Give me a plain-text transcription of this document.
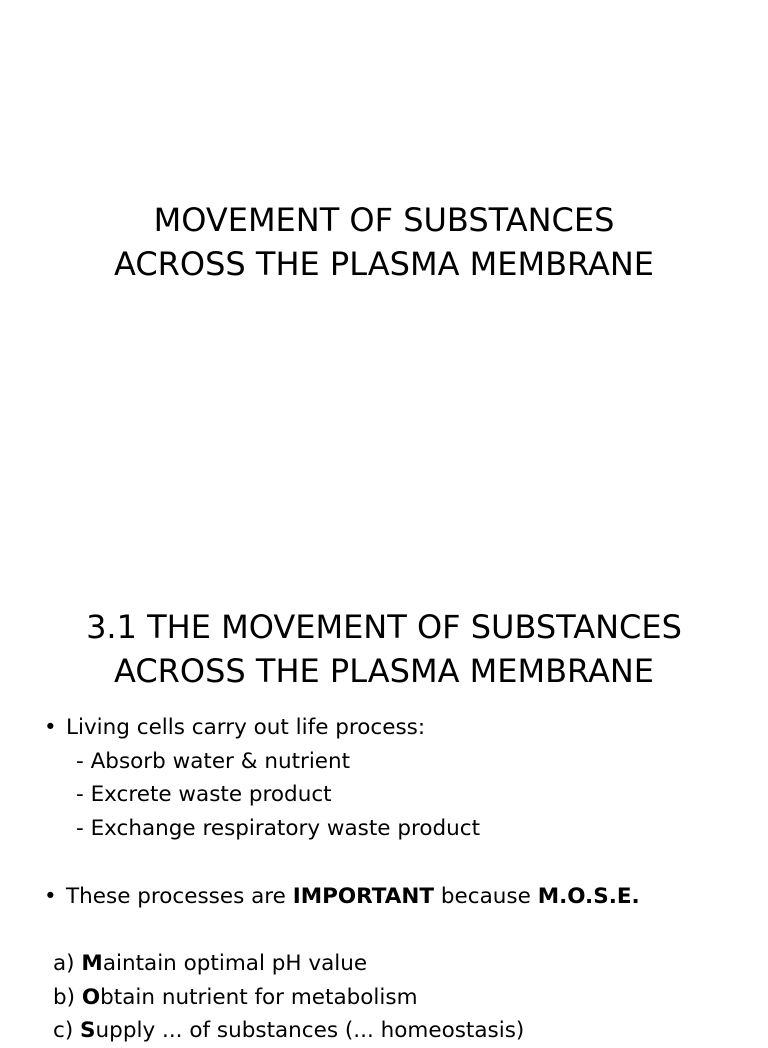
MOVEMENT OF SUBSTANCES
ACROSS THE PLASMA MEMBRANE
3.1 THE MOVEMENT OF SUBSTANCES
ACROSS THE PLASMA MEMBRANE
• Living cells carry out life process:
- Absorb water & nutrient
- Excrete waste product
- Exchange respiratory waste product
• These processes are IMPORTANT because M.O.S.E.
a) Maintain optimal pH value
b) Obtain nutrient for metabolism
c) Supply ... of substances (... homeostasis)
